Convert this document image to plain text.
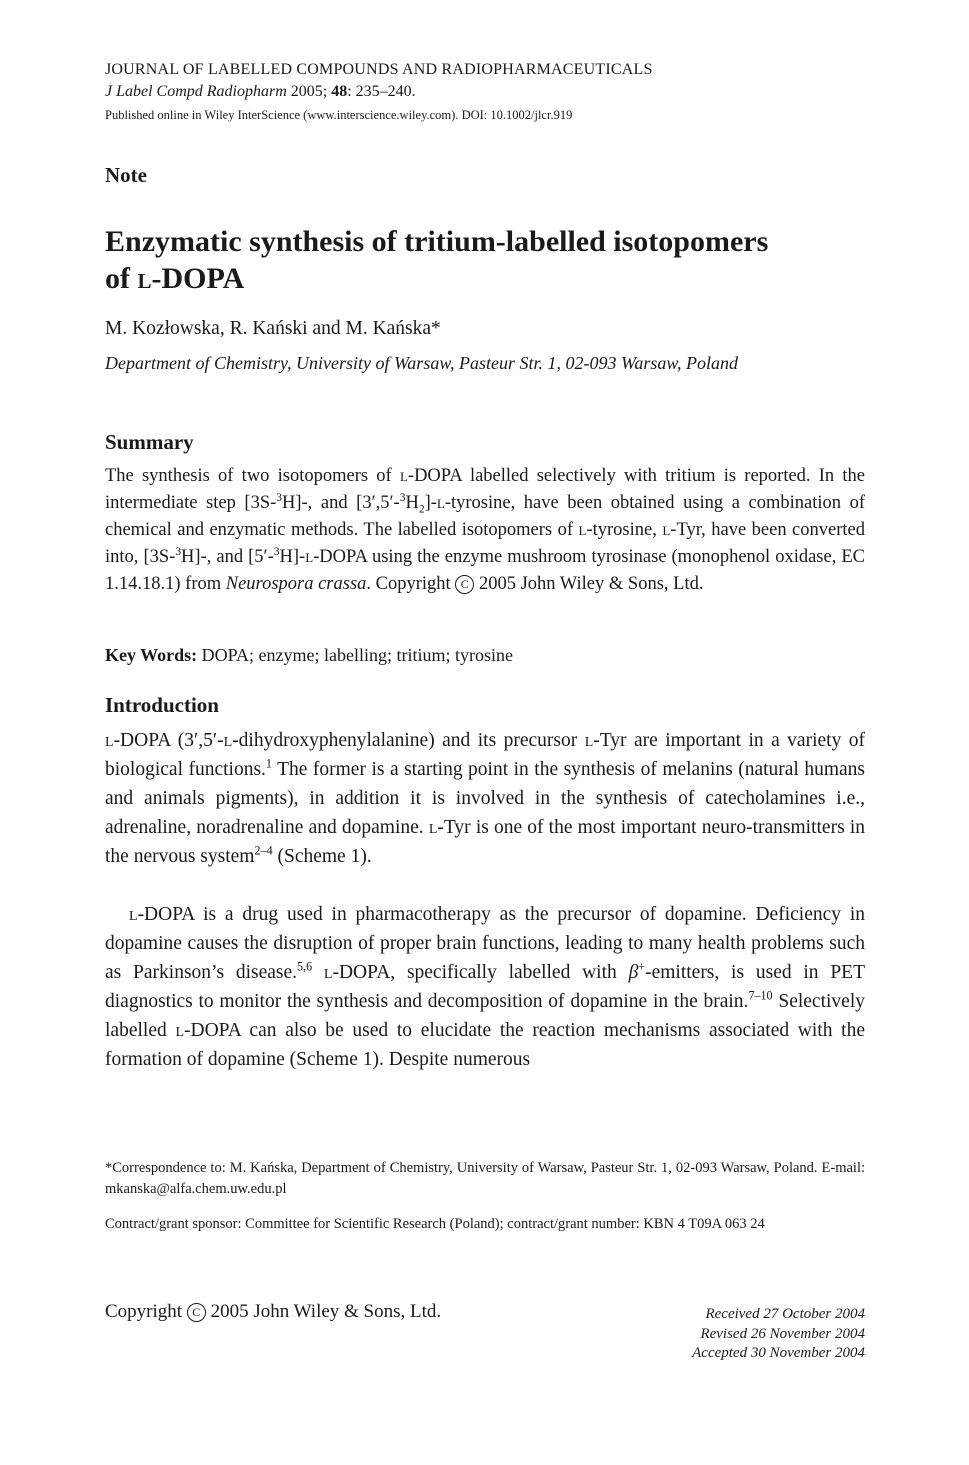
JOURNAL OF LABELLED COMPOUNDS AND RADIOPHARMACEUTICALS
J Label Compd Radiopharm 2005; 48: 235–240.
Published online in Wiley InterScience (www.interscience.wiley.com). DOI: 10.1002/jlcr.919
Note
Enzymatic synthesis of tritium-labelled isotopomers
of l-DOPA
M. Kozłowska, R. Kański and M. Kańska*
Department of Chemistry, University of Warsaw, Pasteur Str. 1, 02-093 Warsaw, Poland
Summary

The synthesis of two isotopomers of l-DOPA labelled selectively with tritium is reported. In the intermediate step [3S-$^3$H]-, and $[3',5'-^3H_2]-l$-tyrosine, have been obtained using a combination of chemical and enzymatic methods. The labelled isotopomers of l-tyrosine, l-Tyr, have been converted into, [3S-$^3$H]-, and [5′-$^3$H]-l-DOPA using the enzyme mushroom tyrosinase (monophenol oxidase, EC 1.14.18.1) from Neurospora crassa. Copyright C 2005 John Wiley & Sons, Ltd.

Key Words: DOPA; enzyme; labelling; tritium; tyrosine
Introduction

l-DOPA (3′,5′-l-dihydroxyphenylalanine) and its precursor l-Tyr are important in a variety of biological functions.$^1$ The former is a starting point in the synthesis of melanins (natural humans and animals pigments), in addition it is involved in the synthesis of catecholamines i.e., adrenaline, noradrenaline and dopamine. l-Tyr is one of the most important neuro-transmitters in the nervous system$^{2-4}$ (Scheme 1).

l-DOPA is a drug used in pharmacotherapy as the precursor of dopamine. Deficiency in dopamine causes the disruption of proper brain functions, leading to many health problems such as Parkinson’s disease.$^{5,6}$ l-DOPA, specifically labelled with β+-emitters, is used in PET diagnostics to monitor the synthesis and decomposition of dopamine in the brain.$^{7-10}$ Selectively labelled l-DOPA can also be used to elucidate the reaction mechanisms associated with the formation of dopamine (Scheme 1). Despite numerous

*Correspondence to: M. Kańska, Department of Chemistry, University of Warsaw, Pasteur Str. 1, 02-093 Warsaw, Poland. E-mail: mkanska@alfa.chem.uw.edu.pl

Contract/grant sponsor: Committee for Scientific Research (Poland); contract/grant number: KBN 4 T09A 063 24

Copyright C 2005 John Wiley & Sons, Ltd.	Received 27 October 2004
Revised 26 November 2004
Accepted 30 November 2004
